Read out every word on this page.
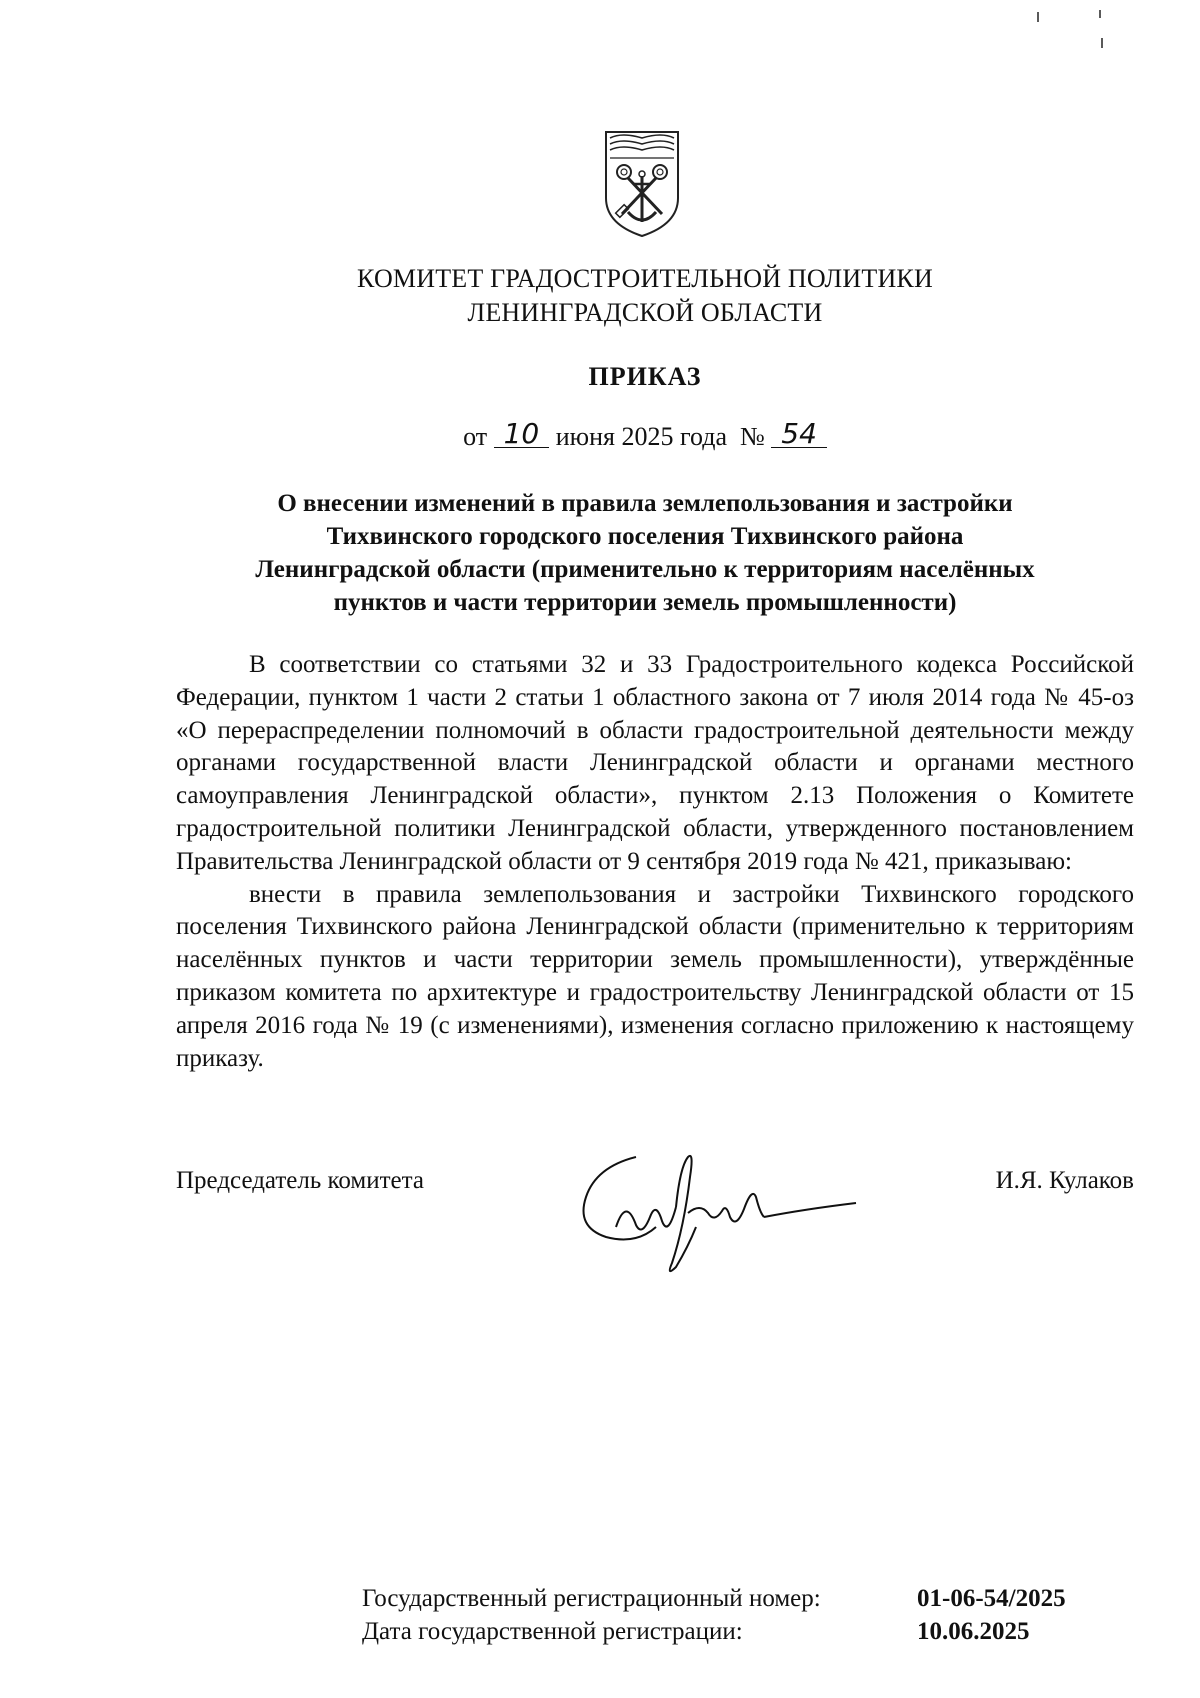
КОМИТЕТ ГРАДОСТРОИТЕЛЬНОЙ ПОЛИТИКИ
ЛЕНИНГРАДСКОЙ ОБЛАСТИ
ПРИКАЗ
от 10 июня 2025 года № 54
О внесении изменений в правила землепользования и застройки
Тихвинского городского поселения Тихвинского района
Ленинградской области (применительно к территориям населённых
пунктов и части территории земель промышленности)

В соответствии со статьями 32 и 33 Градостроительного кодекса Российской Федерации, пунктом 1 части 2 статьи 1 областного закона от 7 июля 2014 года № 45-оз «О перераспределении полномочий в области градостроительной деятельности между органами государственной власти Ленинградской области и органами местного самоуправления Ленинградской области», пунктом 2.13 Положения о Комитете градостроительной политики Ленинградской области, утвержденного постановлением Правительства Ленинградской области от 9 сентября 2019 года № 421, приказываю:

внести в правила землепользования и застройки Тихвинского городского поселения Тихвинского района Ленинградской области (применительно к территориям населённых пунктов и части территории земель промышленности), утверждённые приказом комитета по архитектуре и градостроительству Ленинградской области от 15 апреля 2016 года № 19 (с изменениями), изменения согласно приложению к настоящему приказу.

Председатель комитета	И.Я. Кулаков
Государственный регистрационный номер:	01-06-54/2025
Дата государственной регистрации:	10.06.2025
